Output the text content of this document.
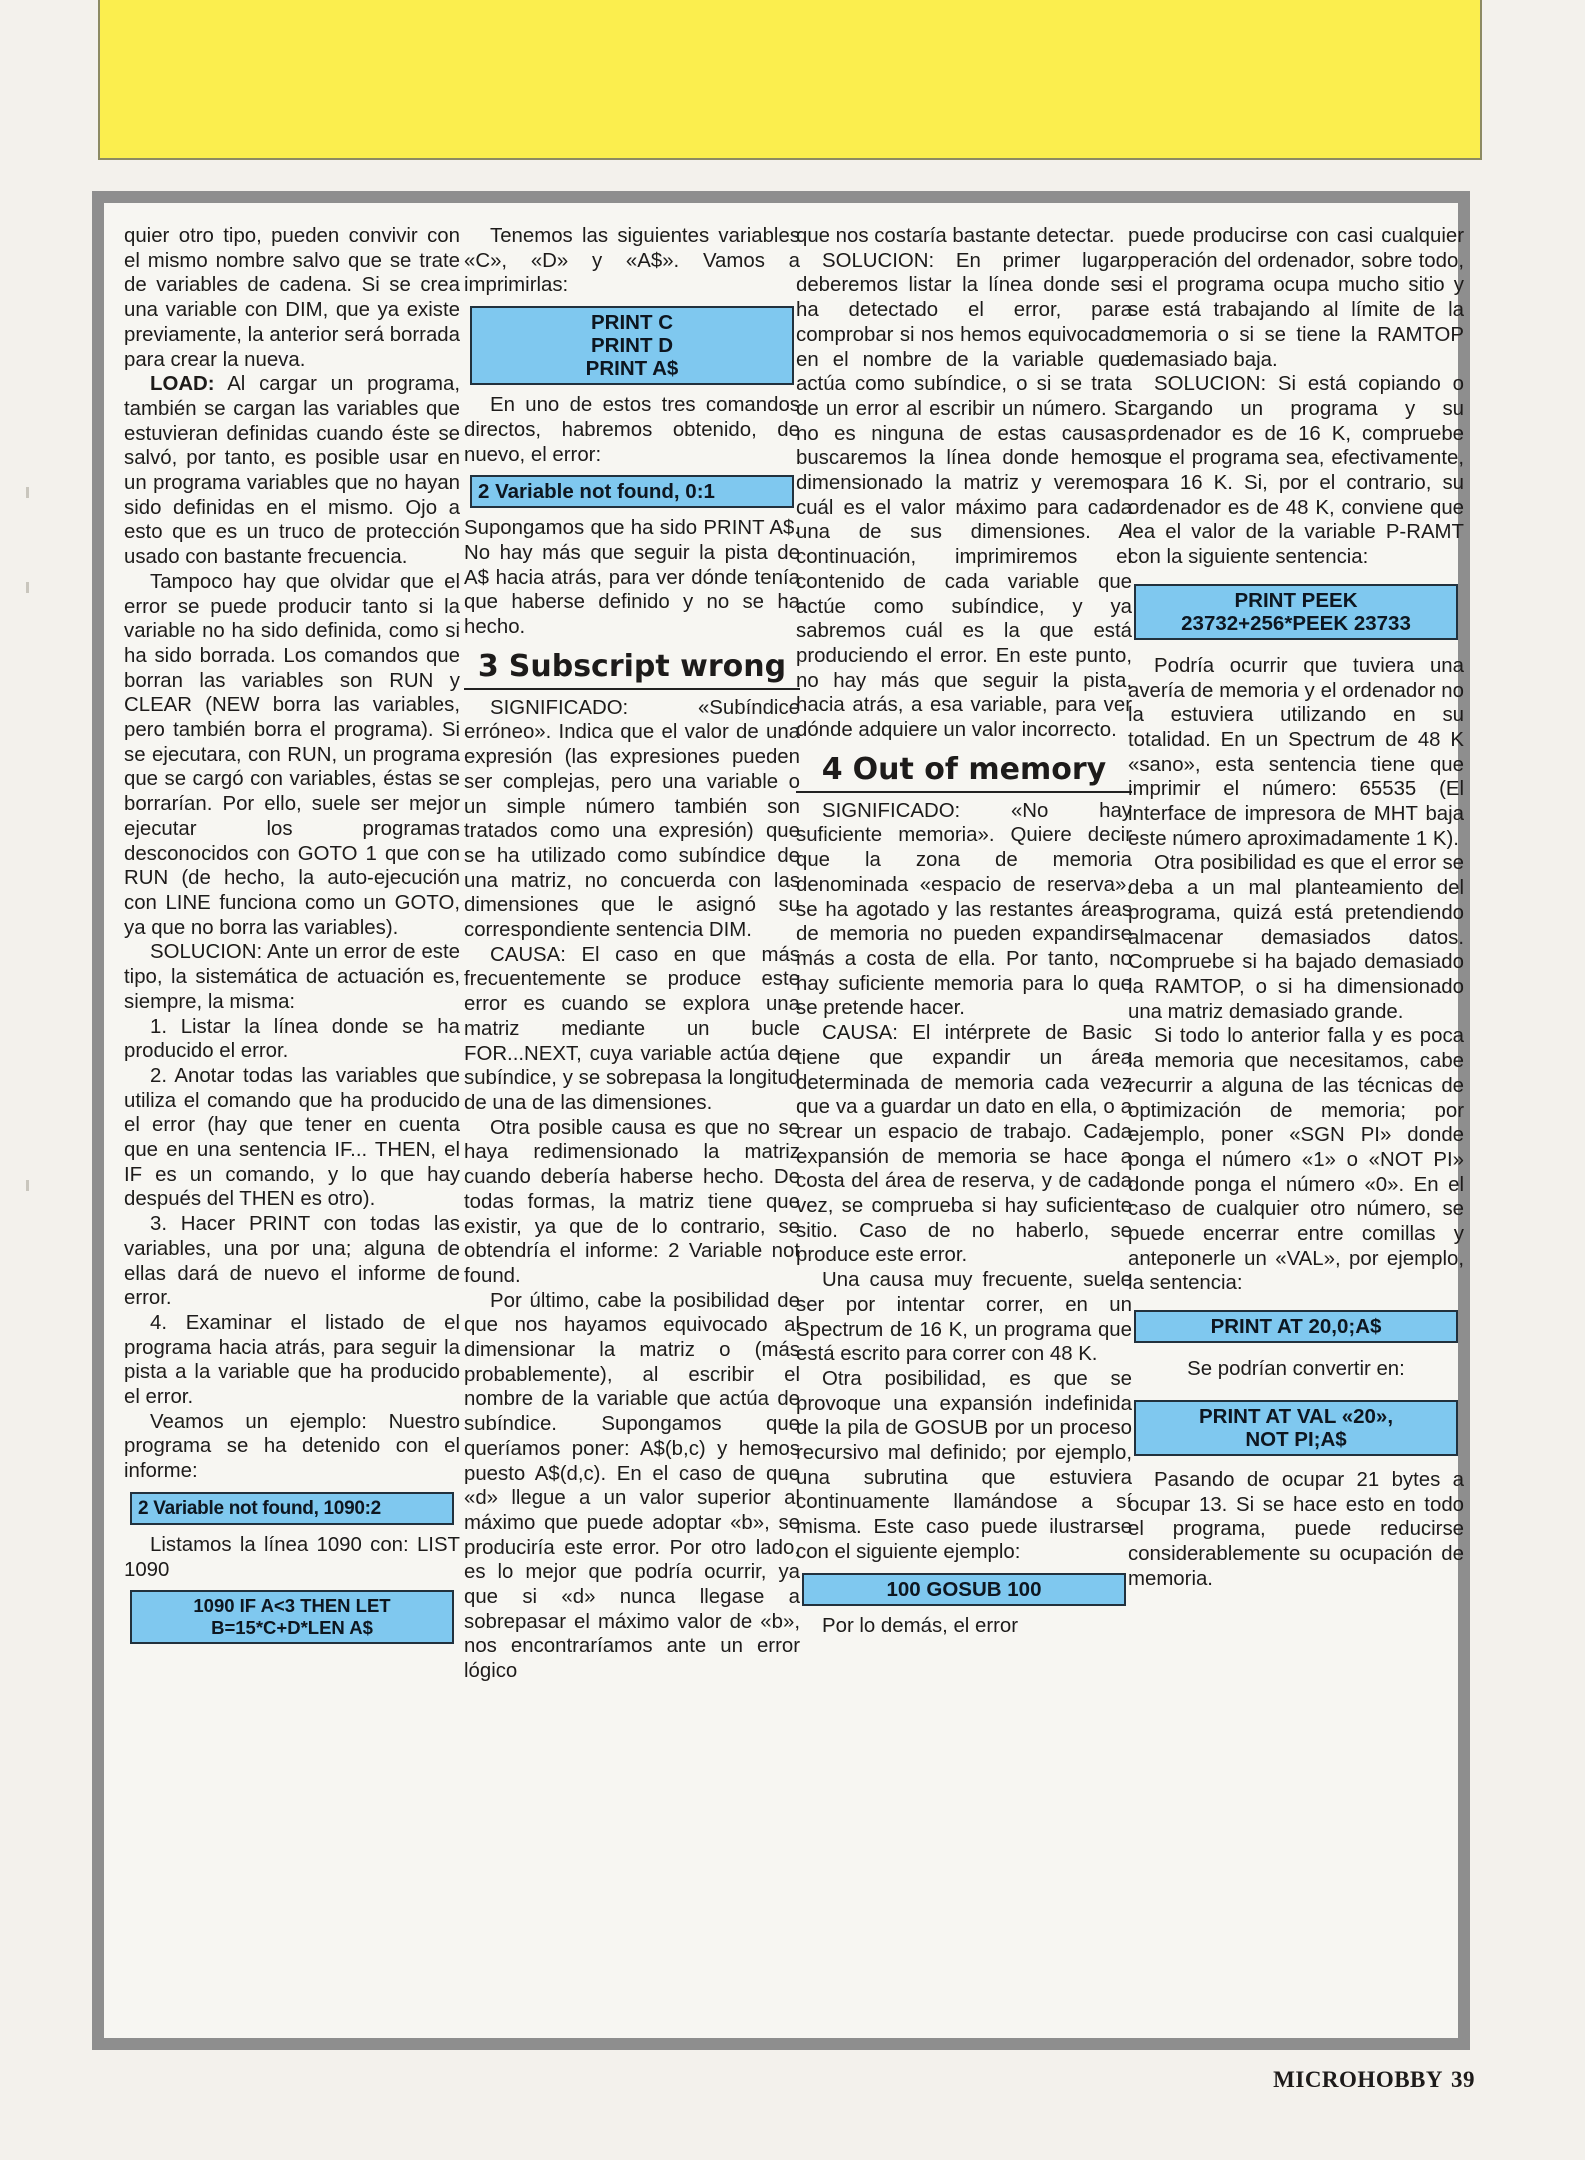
quier otro tipo, pueden convivir con el mismo nombre salvo que se trate de variables de cadena. Si se crea una variable con DIM, que ya existe previamente, la anterior será borrada para crear la nueva.

LOAD: Al cargar un programa, también se cargan las variables que estuvieran definidas cuando éste se salvó, por tanto, es posible usar en un programa variables que no hayan sido definidas en el mismo. Ojo a esto que es un truco de protección usado con bastante frecuencia.

Tampoco hay que olvidar que el error se puede producir tanto si la variable no ha sido definida, como si ha sido borrada. Los comandos que borran las variables son RUN y CLEAR (NEW borra las variables, pero también borra el programa). Si se ejecutara, con RUN, un programa que se cargó con variables, éstas se borrarían. Por ello, suele ser mejor ejecutar los programas desconocidos con GOTO 1 que con RUN (de hecho, la auto-ejecución con LINE funciona como un GOTO, ya que no borra las variables).

SOLUCION: Ante un error de este tipo, la sistemática de actuación es, siempre, la misma:

1. Listar la línea donde se ha producido el error.

2. Anotar todas las variables que utiliza el comando que ha producido el error (hay que tener en cuenta que en una sentencia IF... THEN, el IF es un comando, y lo que hay después del THEN es otro).

3. Hacer PRINT con todas las variables, una por una; alguna de ellas dará de nuevo el informe de error.

4. Examinar el listado de el programa hacia atrás, para seguir la pista a la variable que ha producido el error.

Veamos un ejemplo: Nuestro programa se ha detenido con el informe:

2 Variable not found, 1090:2

Listamos la línea 1090 con: LIST 1090

1090 IF A<3 THEN LET
B=15*C+D*LEN A$

Tenemos las siguientes variables «C», «D» y «A$». Vamos a imprimirlas:

PRINT C
PRINT D
PRINT A$

En uno de estos tres comandos directos, habremos obtenido, de nuevo, el error:

2 Variable not found, 0:1

Supongamos que ha sido PRINT A$. No hay más que seguir la pista de A$ hacia atrás, para ver dónde tenía que haberse definido y no se ha hecho.

3 Subscript wrong

SIGNIFICADO: «Subíndice erróneo». Indica que el valor de una expresión (las expresiones pueden ser complejas, pero una variable o un simple número también son tratados como una expresión) que se ha utilizado como subíndice de una matriz, no concuerda con las dimensiones que le asignó su correspondiente sentencia DIM.

CAUSA: El caso en que más frecuentemente se produce este error es cuando se explora una matriz mediante un bucle FOR...NEXT, cuya variable actúa de subíndice, y se sobrepasa la longitud de una de las dimensiones.

Otra posible causa es que no se haya redimensionado la matriz cuando debería haberse hecho. De todas formas, la matriz tiene que existir, ya que de lo contrario, se obtendría el informe: 2 Variable not found.

Por último, cabe la posibilidad de que nos hayamos equivocado al dimensionar la matriz o (más probablemente), al escribir el nombre de la variable que actúa de subíndice. Supongamos que queríamos poner: A$(b,c) y hemos puesto A$(d,c). En el caso de que «d» llegue a un valor superior al máximo que puede adoptar «b», se produciría este error. Por otro lado, es lo mejor que podría ocurrir, ya que si «d» nunca llegase a sobrepasar el máximo valor de «b», nos encontraríamos ante un error lógico

que nos costaría bastante detectar.

SOLUCION: En primer lugar, deberemos listar la línea donde se ha detectado el error, para comprobar si nos hemos equivocado en el nombre de la variable que actúa como subíndice, o si se trata de un error al escribir un número. Si no es ninguna de estas causas, buscaremos la línea donde hemos dimensionado la matriz y veremos cuál es el valor máximo para cada una de sus dimensiones. A continuación, imprimiremos el contenido de cada variable que actúe como subíndice, y ya sabremos cuál es la que está produciendo el error. En este punto, no hay más que seguir la pista, hacia atrás, a esa variable, para ver dónde adquiere un valor incorrecto.

4 Out of memory

SIGNIFICADO: «No hay suficiente memoria». Quiere decir que la zona de memoria denominada «espacio de reserva», se ha agotado y las restantes áreas de memoria no pueden expandirse más a costa de ella. Por tanto, no hay suficiente memoria para lo que se pretende hacer.

CAUSA: El intérprete de Basic tiene que expandir un área determinada de memoria cada vez que va a guardar un dato en ella, o a crear un espacio de trabajo. Cada expansión de memoria se hace a costa del área de reserva, y de cada vez, se comprueba si hay suficiente sitio. Caso de no haberlo, se produce este error.

Una causa muy frecuente, suele ser por intentar correr, en un Spectrum de 16 K, un programa que está escrito para correr con 48 K.

Otra posibilidad, es que se provoque una expansión indefinida de la pila de GOSUB por un proceso recursivo mal definido; por ejemplo, una subrutina que estuviera continuamente llamándose a sí misma. Este caso puede ilustrarse con el siguiente ejemplo:

100 GOSUB 100

Por lo demás, el error

puede producirse con casi cualquier operación del ordenador, sobre todo, si el programa ocupa mucho sitio y se está trabajando al límite de la memoria o si se tiene la RAMTOP demasiado baja.

SOLUCION: Si está copiando o cargando un programa y su ordenador es de 16 K, compruebe que el programa sea, efectivamente, para 16 K. Si, por el contrario, su ordenador es de 48 K, conviene que lea el valor de la variable P-RAMT con la siguiente sentencia:

PRINT PEEK
23732+256*PEEK 23733

Podría ocurrir que tuviera una avería de memoria y el ordenador no la estuviera utilizando en su totalidad. En un Spectrum de 48 K «sano», esta sentencia tiene que imprimir el número: 65535 (El interface de impresora de MHT baja este número aproximadamente 1 K).

Otra posibilidad es que el error se deba a un mal planteamiento del programa, quizá está pretendiendo almacenar demasiados datos. Compruebe si ha bajado demasiado la RAMTOP, o si ha dimensionado una matriz demasiado grande.

Si todo lo anterior falla y es poca la memoria que necesitamos, cabe recurrir a alguna de las técnicas de optimización de memoria; por ejemplo, poner «SGN PI» donde ponga el número «1» o «NOT PI» donde ponga el número «0». En el caso de cualquier otro número, se puede encerrar entre comillas y anteponerle un «VAL», por ejemplo, la sentencia:

PRINT AT 20,0;A$

Se podrían convertir en:

PRINT AT VAL «20»,
NOT PI;A$

Pasando de ocupar 21 bytes a ocupar 13. Si se hace esto en todo el programa, puede reducirse considerablemente su ocupación de memoria.

MICROHOBBY 39
